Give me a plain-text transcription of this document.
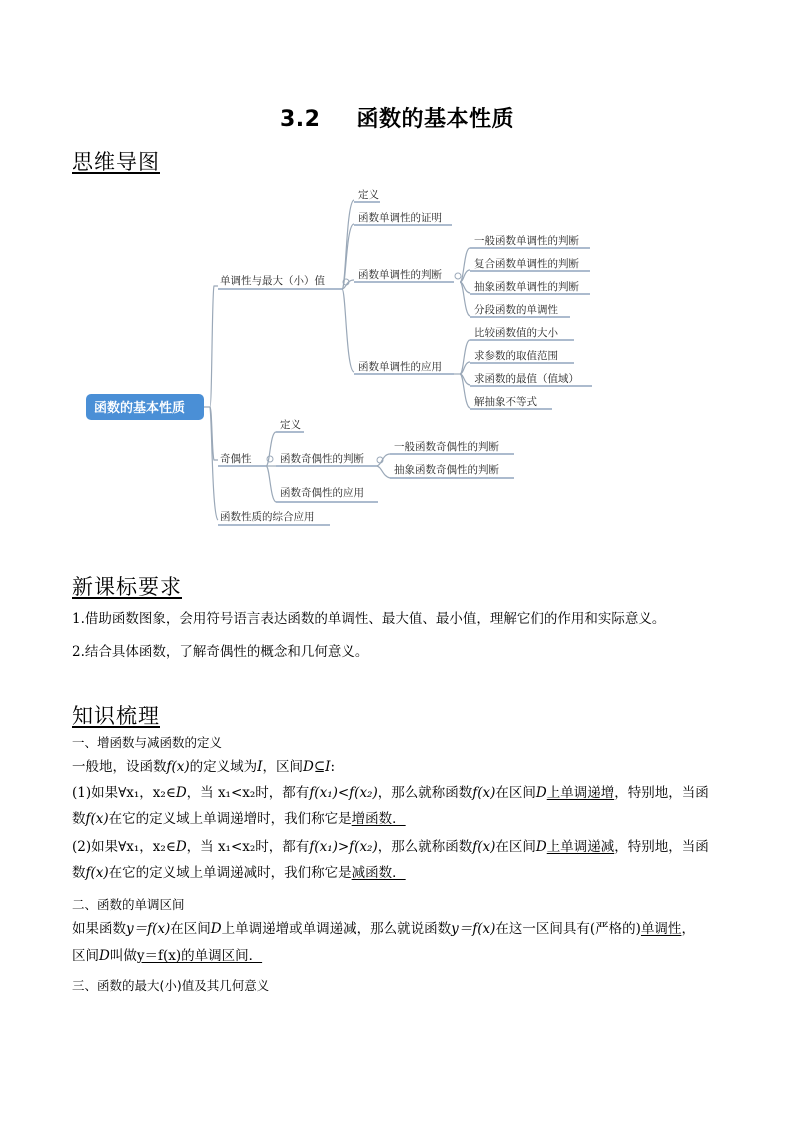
3.2 函数的基本性质
思维导图
函数的基本性质
单调性与最大（小）值
定义
函数单调性的证明
函数单调性的判断
一般函数单调性的判断
复合函数单调性的判断
抽象函数单调性的判断
分段函数的单调性
函数单调性的应用
比较函数值的大小
求参数的取值范围
求函数的最值（值域）
解抽象不等式
奇偶性
定义
函数奇偶性的判断
一般函数奇偶性的判断
抽象函数奇偶性的判断
函数奇偶性的应用
函数性质的综合应用
新课标要求
1.借助函数图象，会用符号语言表达函数的单调性、最大值、最小值，理解它们的作用和实际意义。
2.结合具体函数，了解奇偶性的概念和几何意义。
知识梳理
一、增函数与减函数的定义
一般地，设函数f(x)的定义域为I，区间D⊆I:
(1)如果∀x₁，x₂∈D，当 x₁<x₂时，都有f(x₁)<f(x₂)，那么就称函数f(x)在区间D上单调递增，特别地，当函
数f(x)在它的定义域上单调递增时，我们称它是增函数．
(2)如果∀x₁，x₂∈D，当 x₁<x₂时，都有f(x₁)>f(x₂)，那么就称函数f(x)在区间D上单调递减，特别地，当函
数f(x)在它的定义域上单调递减时，我们称它是减函数．
二、函数的单调区间
如果函数y＝f(x)在区间D上单调递增或单调递减，那么就说函数y＝f(x)在这一区间具有(严格的)单调性，
区间D叫做y＝f(x)的单调区间．
三、函数的最大(小)值及其几何意义
